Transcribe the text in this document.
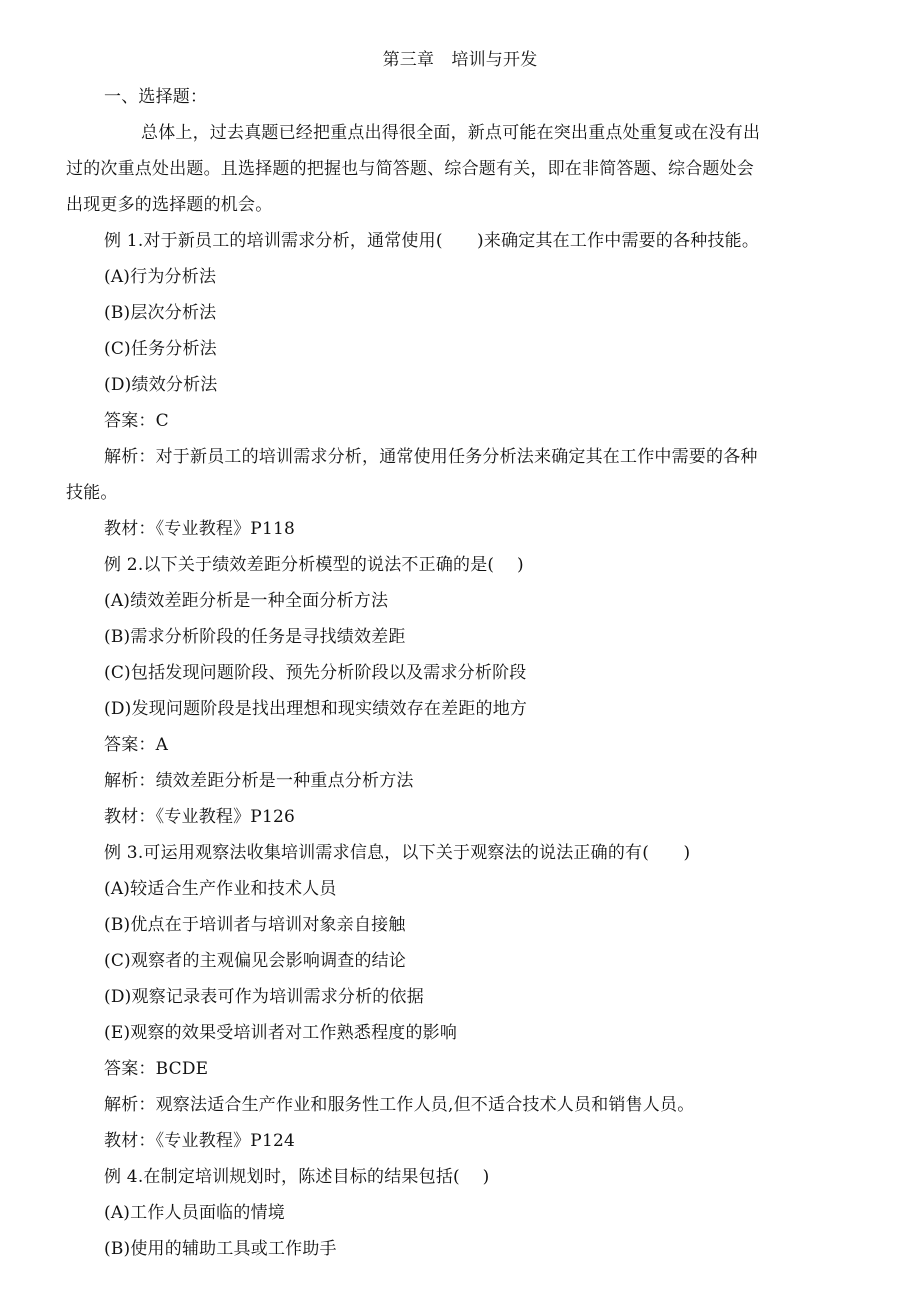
第三章　培训与开发
一、选择题：
总体上，过去真题已经把重点出得很全面，新点可能在突出重点处重复或在没有出
过的次重点处出题。且选择题的把握也与简答题、综合题有关，即在非简答题、综合题处会
出现更多的选择题的机会。
例 1.对于新员工的培训需求分析，通常使用(　　)来确定其在工作中需要的各种技能。
(A)行为分析法
(B)层次分析法
(C)任务分析法
(D)绩效分析法
答案：C
解析：对于新员工的培训需求分析，通常使用任务分析法来确定其在工作中需要的各种
技能。
教材：《专业教程》P118
例 2.以下关于绩效差距分析模型的说法不正确的是( 　)
(A)绩效差距分析是一种全面分析方法
(B)需求分析阶段的任务是寻找绩效差距
(C)包括发现问题阶段、预先分析阶段以及需求分析阶段
(D)发现问题阶段是找出理想和现实绩效存在差距的地方
答案：A
解析：绩效差距分析是一种重点分析方法
教材：《专业教程》P126
例 3.可运用观察法收集培训需求信息，以下关于观察法的说法正确的有(　　)
(A)较适合生产作业和技术人员
(B)优点在于培训者与培训对象亲自接触
(C)观察者的主观偏见会影响调查的结论
(D)观察记录表可作为培训需求分析的依据
(E)观察的效果受培训者对工作熟悉程度的影响
答案：BCDE
解析：观察法适合生产作业和服务性工作人员,但不适合技术人员和销售人员。
教材：《专业教程》P124
例 4.在制定培训规划时，陈述目标的结果包括( 　)
(A)工作人员面临的情境
(B)使用的辅助工具或工作助手
